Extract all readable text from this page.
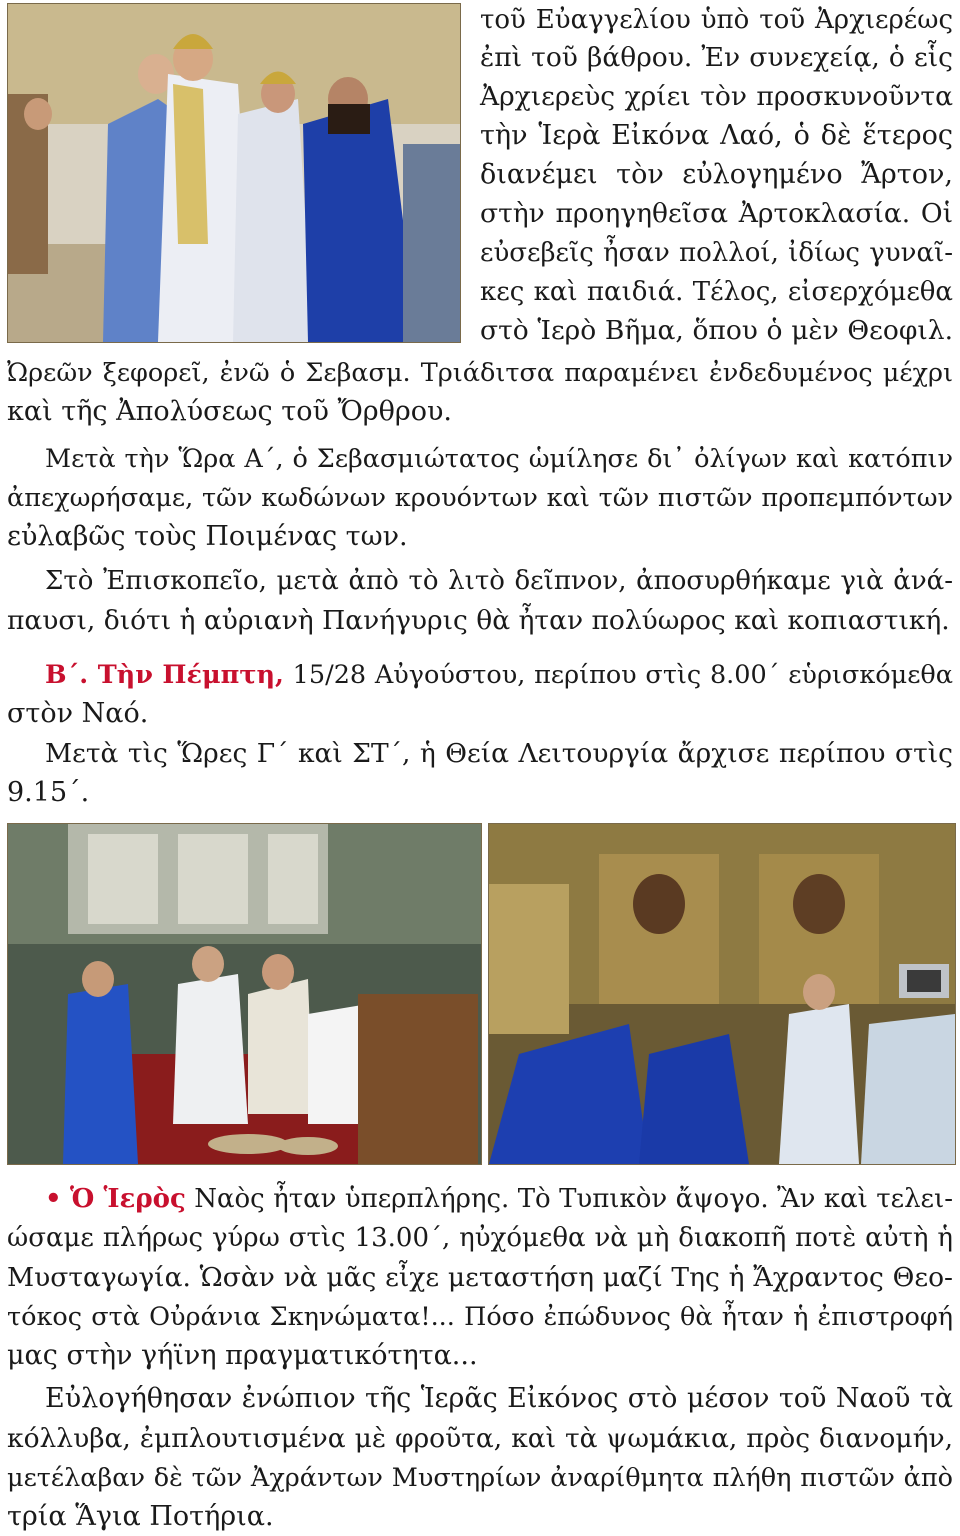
τοῦ Εὐαγγελίου ὑπὸ τοῦ Ἀρχιερέως
ἐπὶ τοῦ βάθρου. Ἐν συνεχείᾳ, ὁ εἷς
Ἀρχιερεὺς χρίει τὸν προσκυνοῦντα
τὴν Ἱερὰ Εἰκόνα Λαό, ὁ δὲ ἕτερος
διανέμει τὸν εὐλογημένο Ἄρτον,
στὴν προηγηθεῖσα Ἀρτοκλασία. Οἱ
εὐσεβεῖς ἦσαν πολλοί, ἰδίως γυναῖ-
κες καὶ παιδιά. Τέλος, εἰσερχόμεθα
στὸ Ἱερὸ Βῆμα, ὅπου ὁ μὲν Θεοφιλ.
Ὠρεῶν ξεφορεῖ, ἐνῶ ὁ Σεβασμ. Τριάδιτσα παραμένει ἐνδεδυμένος μέχρι
καὶ τῆς Ἀπολύσεως τοῦ Ὄρθρου.
Μετὰ τὴν Ὥρα Α΄, ὁ Σεβασμιώτατος ὡμίλησε δι᾽ ὀλίγων καὶ κατόπιν
ἀπεχωρήσαμε, τῶν κωδώνων κρουόντων καὶ τῶν πιστῶν προπεμπόντων
εὐλαβῶς τοὺς Ποιμένας των.
Στὸ Ἐπισκοπεῖο, μετὰ ἀπὸ τὸ λιτὸ δεῖπνον, ἀποσυρθήκαμε γιὰ ἀνά-
παυσι, διότι ἡ αὐριανὴ Πανήγυρις θὰ ἦταν πολύωρος καὶ κοπιαστική.
Β΄. Τὴν Πέμπτη, 15/28 Αὐγούστου, περίπου στὶς 8.00΄ εὑρισκόμεθα
στὸν Ναό.
Μετὰ τὶς Ὥρες Γ΄ καὶ ΣΤ΄, ἡ Θεία Λειτουργία ἄρχισε περίπου στὶς
9.15΄.
• Ὁ Ἱερὸς Ναὸς ἦταν ὑπερπλήρης. Τὸ Τυπικὸν ἄψογο. Ἂν καὶ τελει-
ώσαμε πλήρως γύρω στὶς 13.00΄, ηὐχόμεθα νὰ μὴ διακοπῆ ποτὲ αὐτὴ ἡ
Μυσταγωγία. Ὡσὰν νὰ μᾶς εἶχε μεταστήση μαζί Της ἡ Ἄχραντος Θεο-
τόκος στὰ Οὐράνια Σκηνώματα!... Πόσο ἐπώδυνος θὰ ἦταν ἡ ἐπιστροφή
μας στὴν γήϊνη πραγματικότητα...
Εὐλογήθησαν ἐνώπιον τῆς Ἱερᾶς Εἰκόνος στὸ μέσον τοῦ Ναοῦ τὰ
κόλλυβα, ἐμπλουτισμένα μὲ φροῦτα, καὶ τὰ ψωμάκια, πρὸς διανομήν,
μετέλαβαν δὲ τῶν Ἀχράντων Μυστηρίων ἀναρίθμητα πλήθη πιστῶν ἀπὸ
τρία Ἅγια Ποτήρια.
